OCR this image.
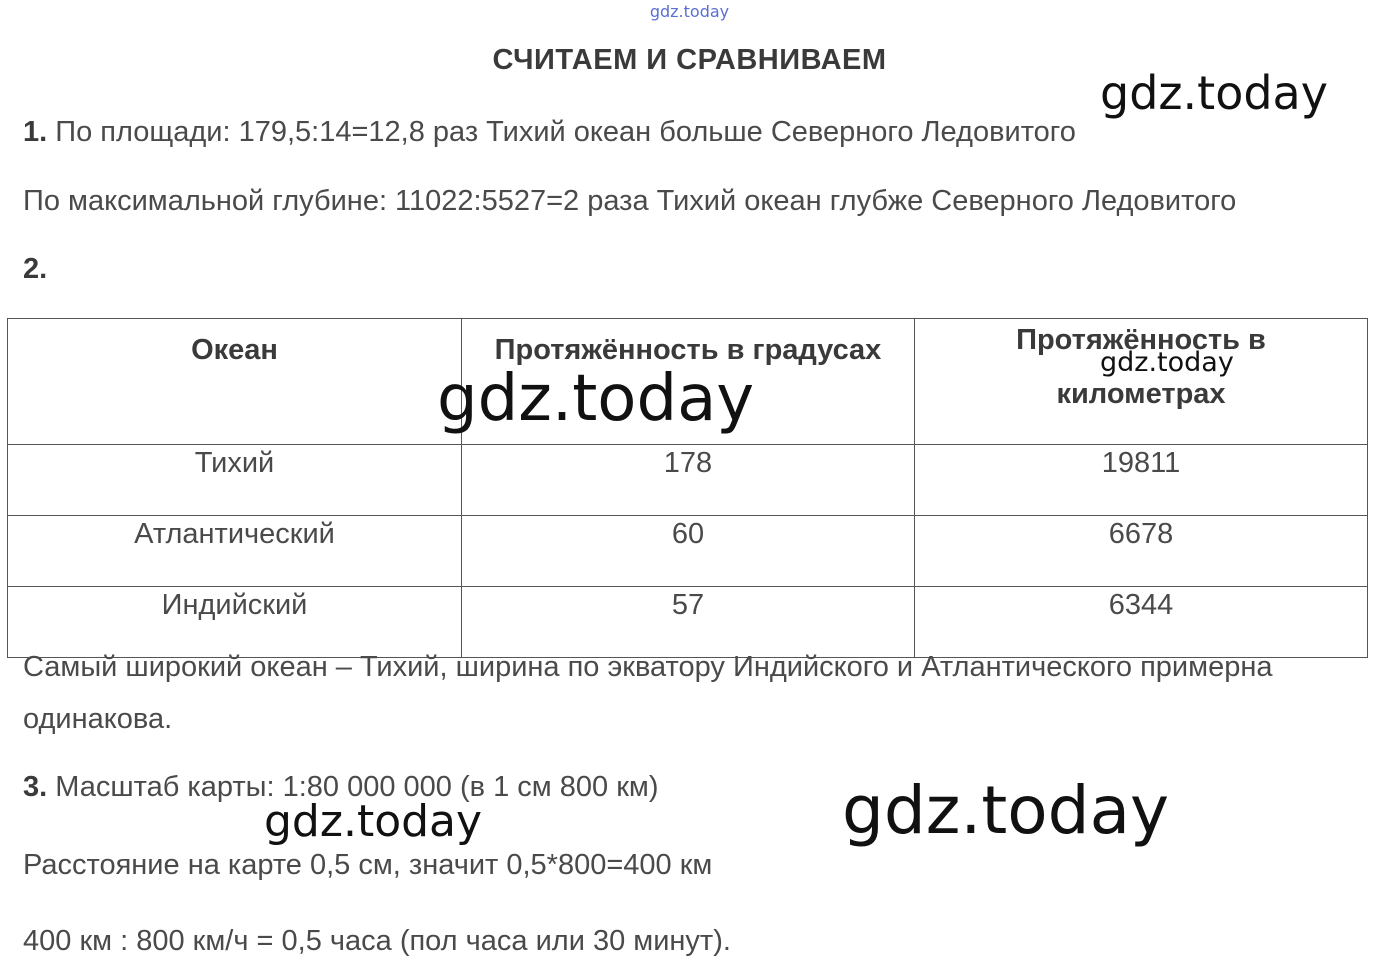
gdz.today
СЧИТАЕМ И СРАВНИВАЕМ
gdz.today
1. По площади: 179,5:14=12,8 раз Тихий океан больше Северного Ледовитого
По максимальной глубине: 11022:5527=2 раза Тихий океан глубже Северного Ледовитого
2.
Океан	Протяжённость в градусах	Протяжённость в
километрах

Тихий	178	19811
Атлантический	60	6678
Индийский	57	6344
gdz.today
gdz.today
Самый широкий океан – Тихий, ширина по экватору Индийского и Атлантического примерна
одинакова.
3. Масштаб карты: 1:80 000 000 (в 1 см 800 км)
gdz.today	gdz.today
Расстояние на карте 0,5 см, значит 0,5*800=400 км
400 км : 800 км/ч = 0,5 часа (пол часа или 30 минут).
